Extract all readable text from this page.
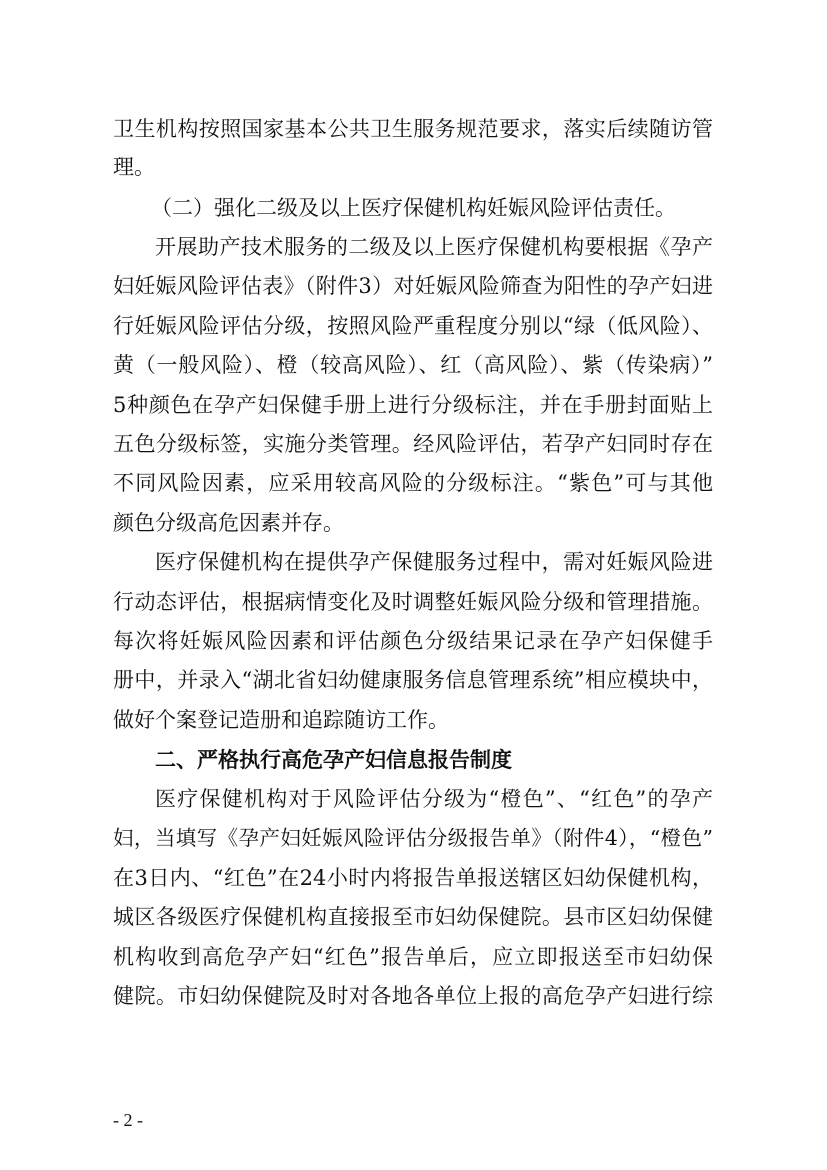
卫生机构按照国家基本公共卫生服务规范要求，落实后续随访管
理。
（二）强化二级及以上医疗保健机构妊娠风险评估责任。
开展助产技术服务的二级及以上医疗保健机构要根据《孕产
妇妊娠风险评估表》（附件3）对妊娠风险筛查为阳性的孕产妇进
行妊娠风险评估分级，按照风险严重程度分别以“绿（低风险）、
黄（一般风险）、橙（较高风险）、红（高风险）、紫（传染病）”
5种颜色在孕产妇保健手册上进行分级标注，并在手册封面贴上
五色分级标签，实施分类管理。经风险评估，若孕产妇同时存在
不同风险因素，应采用较高风险的分级标注。“紫色”可与其他
颜色分级高危因素并存。
医疗保健机构在提供孕产保健服务过程中，需对妊娠风险进
行动态评估，根据病情变化及时调整妊娠风险分级和管理措施。
每次将妊娠风险因素和评估颜色分级结果记录在孕产妇保健手
册中，并录入“湖北省妇幼健康服务信息管理系统”相应模块中，
做好个案登记造册和追踪随访工作。
二、严格执行高危孕产妇信息报告制度
医疗保健机构对于风险评估分级为“橙色”、“红色”的孕产
妇，当填写《孕产妇妊娠风险评估分级报告单》（附件4），“橙色”
在3日内、“红色”在24小时内将报告单报送辖区妇幼保健机构，
城区各级医疗保健机构直接报至市妇幼保健院。县市区妇幼保健
机构收到高危孕产妇“红色”报告单后，应立即报送至市妇幼保
健院。市妇幼保健院及时对各地各单位上报的高危孕产妇进行综
- 2 -
